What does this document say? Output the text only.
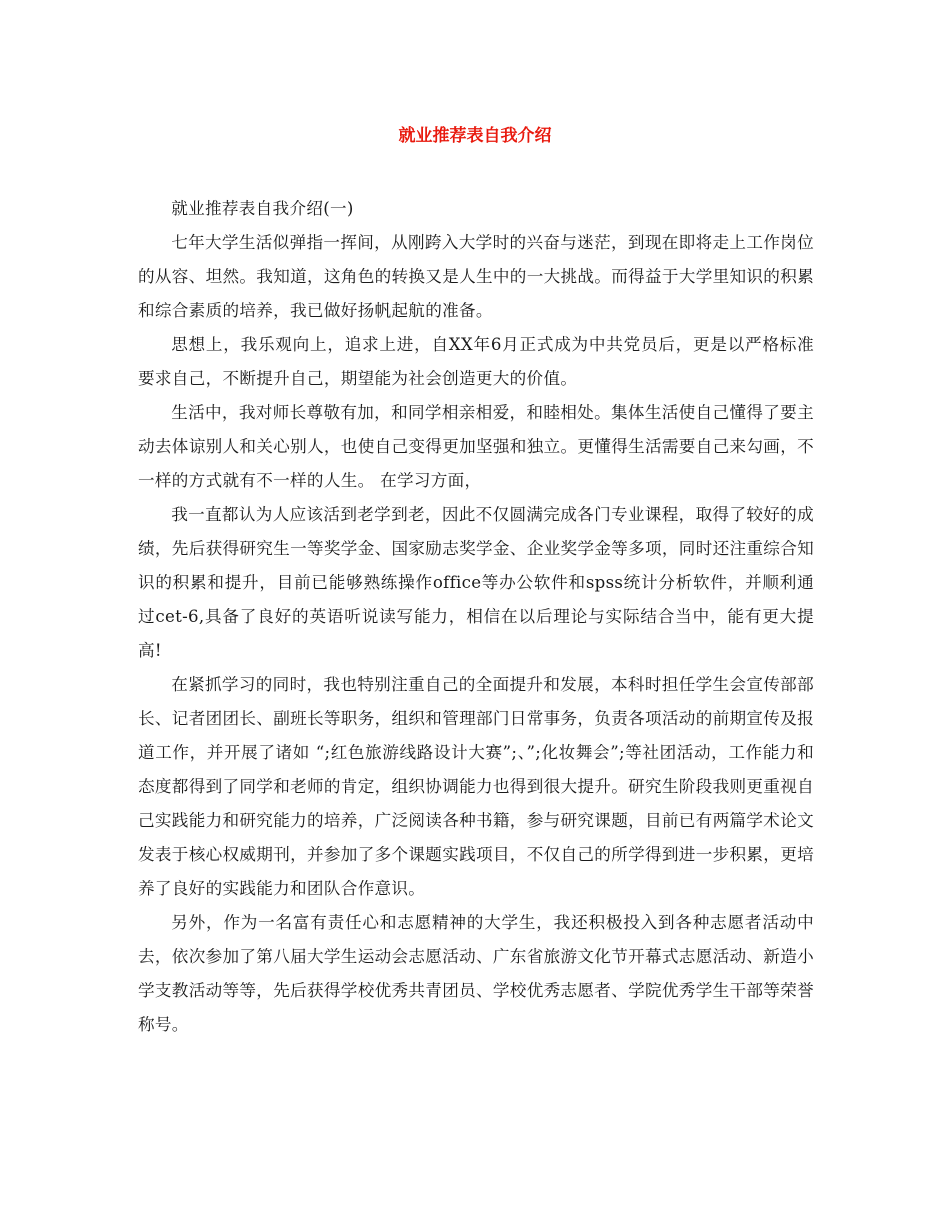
就业推荐表自我介绍

就业推荐表自我介绍(一)

七年大学生活似弹指一挥间，从刚跨入大学时的兴奋与迷茫，到现在即将走上工作岗位的从容、坦然。我知道，这角色的转换又是人生中的一大挑战。而得益于大学里知识的积累和综合素质的培养，我已做好扬帆起航的准备。

思想上，我乐观向上，追求上进，自XX年6月正式成为中共党员后，更是以严格标准要求自己，不断提升自己，期望能为社会创造更大的价值。

生活中，我对师长尊敬有加，和同学相亲相爱，和睦相处。集体生活使自己懂得了要主动去体谅别人和关心别人，也使自己变得更加坚强和独立。更懂得生活需要自己来勾画，不一样的方式就有不一样的人生。 在学习方面，

我一直都认为人应该活到老学到老，因此不仅圆满完成各门专业课程，取得了较好的成绩，先后获得研究生一等奖学金、国家励志奖学金、企业奖学金等多项，同时还注重综合知识的积累和提升，目前已能够熟练操作office等办公软件和spss统计分析软件，并顺利通过cet-6,具备了良好的英语听说读写能力，相信在以后理论与实际结合当中，能有更大提高!

在紧抓学习的同时，我也特别注重自己的全面提升和发展，本科时担任学生会宣传部部长、记者团团长、副班长等职务，组织和管理部门日常事务，负责各项活动的前期宣传及报道工作，并开展了诸如 “;红色旅游线路设计大赛”;、”;化妆舞会”;等社团活动，工作能力和态度都得到了同学和老师的肯定，组织协调能力也得到很大提升。研究生阶段我则更重视自己实践能力和研究能力的培养，广泛阅读各种书籍，参与研究课题，目前已有两篇学术论文发表于核心权威期刊，并参加了多个课题实践项目，不仅自己的所学得到进一步积累，更培养了良好的实践能力和团队合作意识。

另外，作为一名富有责任心和志愿精神的大学生，我还积极投入到各种志愿者活动中去，依次参加了第八届大学生运动会志愿活动、广东省旅游文化节开幕式志愿活动、新造小学支教活动等等，先后获得学校优秀共青团员、学校优秀志愿者、学院优秀学生干部等荣誉称号。
